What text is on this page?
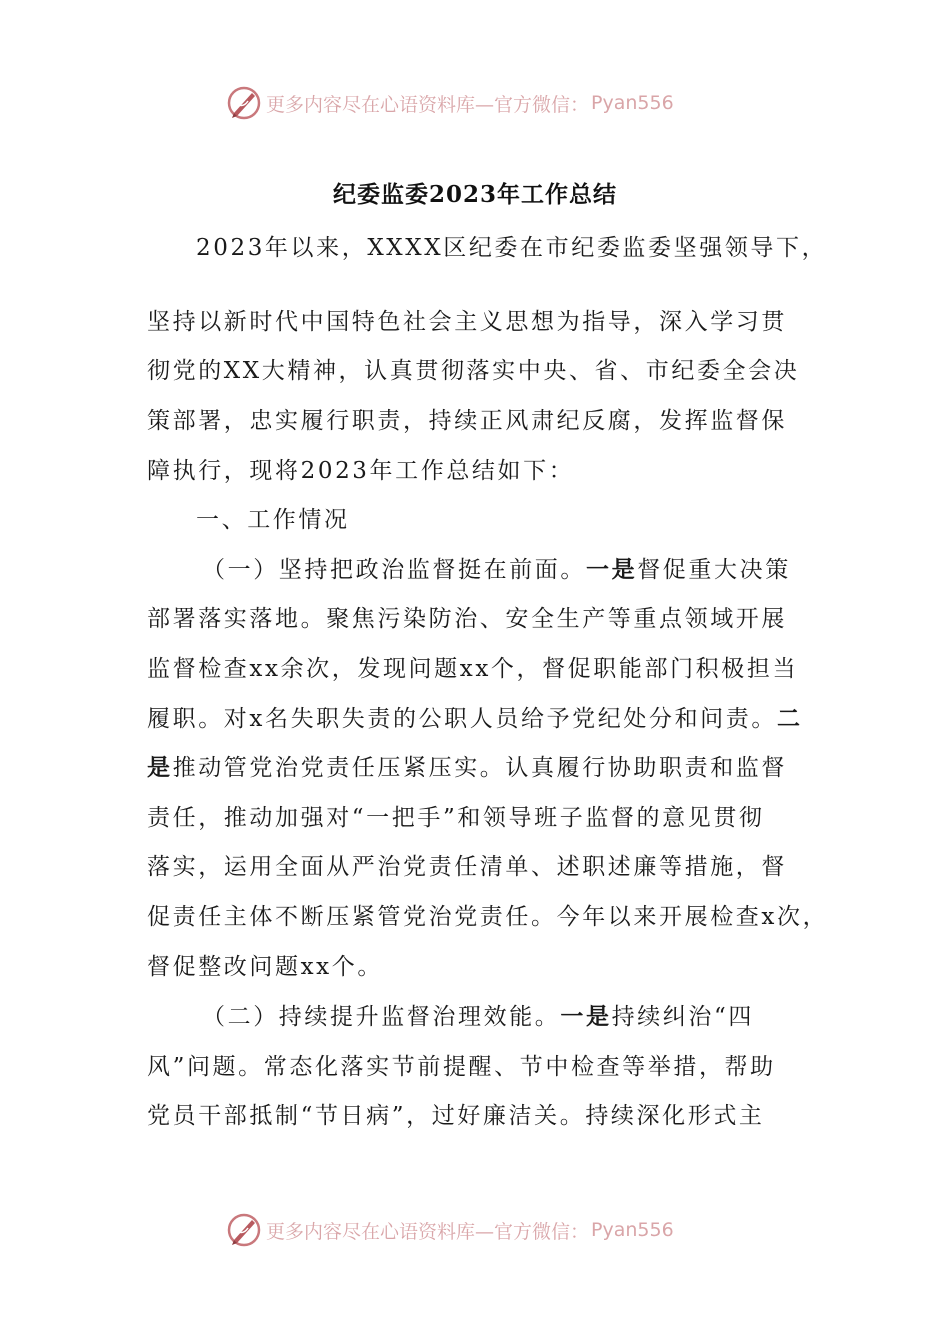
更多内容尽在心语资料库—官方微信： Pyan556
纪委监委2023年工作总结
2023年以来，XXXX区纪委在市纪委监委坚强领导下，
坚持以新时代中国特色社会主义思想为指导，深入学习贯
彻党的XX大精神，认真贯彻落实中央、省、市纪委全会决
策部署，忠实履行职责，持续正风肃纪反腐，发挥监督保
障执行，现将2023年工作总结如下：
一、工作情况
（一）坚持把政治监督挺在前面。一是督促重大决策
部署落实落地。聚焦污染防治、安全生产等重点领域开展
监督检查xx余次，发现问题xx个，督促职能部门积极担当
履职。对x名失职失责的公职人员给予党纪处分和问责。二
是推动管党治党责任压紧压实。认真履行协助职责和监督
责任，推动加强对“一把手”和领导班子监督的意见贯彻
落实，运用全面从严治党责任清单、述职述廉等措施，督
促责任主体不断压紧管党治党责任。今年以来开展检查x次，
督促整改问题xx个。
（二）持续提升监督治理效能。一是持续纠治“四
风”问题。常态化落实节前提醒、节中检查等举措，帮助
党员干部抵制“节日病”，过好廉洁关。持续深化形式主
更多内容尽在心语资料库—官方微信： Pyan556
